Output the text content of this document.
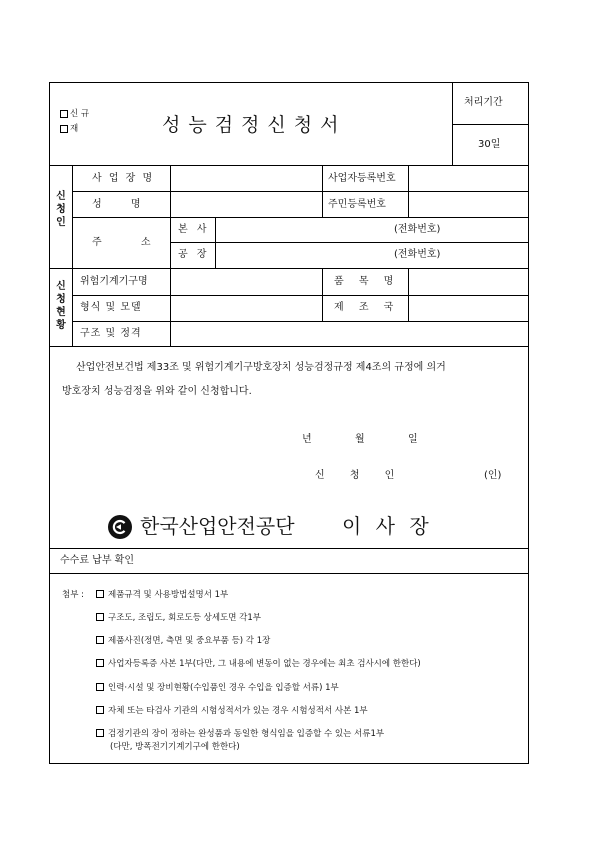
신 규
재	성능검정신청서
처리기간
30일
신청인
사 업 장 명	사업자등록번호
성 명	주민등록번호
주 소
본 사	(전화번호)
공 장	(전화번호)
신청현황
위험기계기구명	품 목 명
형식 및 모델	제 조 국
구조 및 정격
산업안전보건법 제33조 및 위험기계기구방호장치 성능검정규정 제4조의 규정에 의거
방호장치 성능검정을 위와 같이 신청합니다.
년	월	일
신 청 인	(인)
한국산업안전공단 이 사 장
수수료 납부 확인
첨부 :	제품규격 및 사용방법설명서 1부
구조도, 조립도, 회로도등 상세도면 각1부
제품사진(정면, 측면 및 중요부품 등) 각 1장
사업자등록증 사본 1부(다만, 그 내용에 변동이 없는 경우에는 최초 검사시에 한한다)
인력·시설 및 장비현황(수입품인 경우 수입을 입증할 서류) 1부
자체 또는 타검사 기관의 시험성적서가 있는 경우 시험성적서 사본 1부
검정기관의 장이 정하는 완성품과 동일한 형식임을 입증할 수 있는 서류1부
(다만, 방폭전기기계기구에 한한다)
